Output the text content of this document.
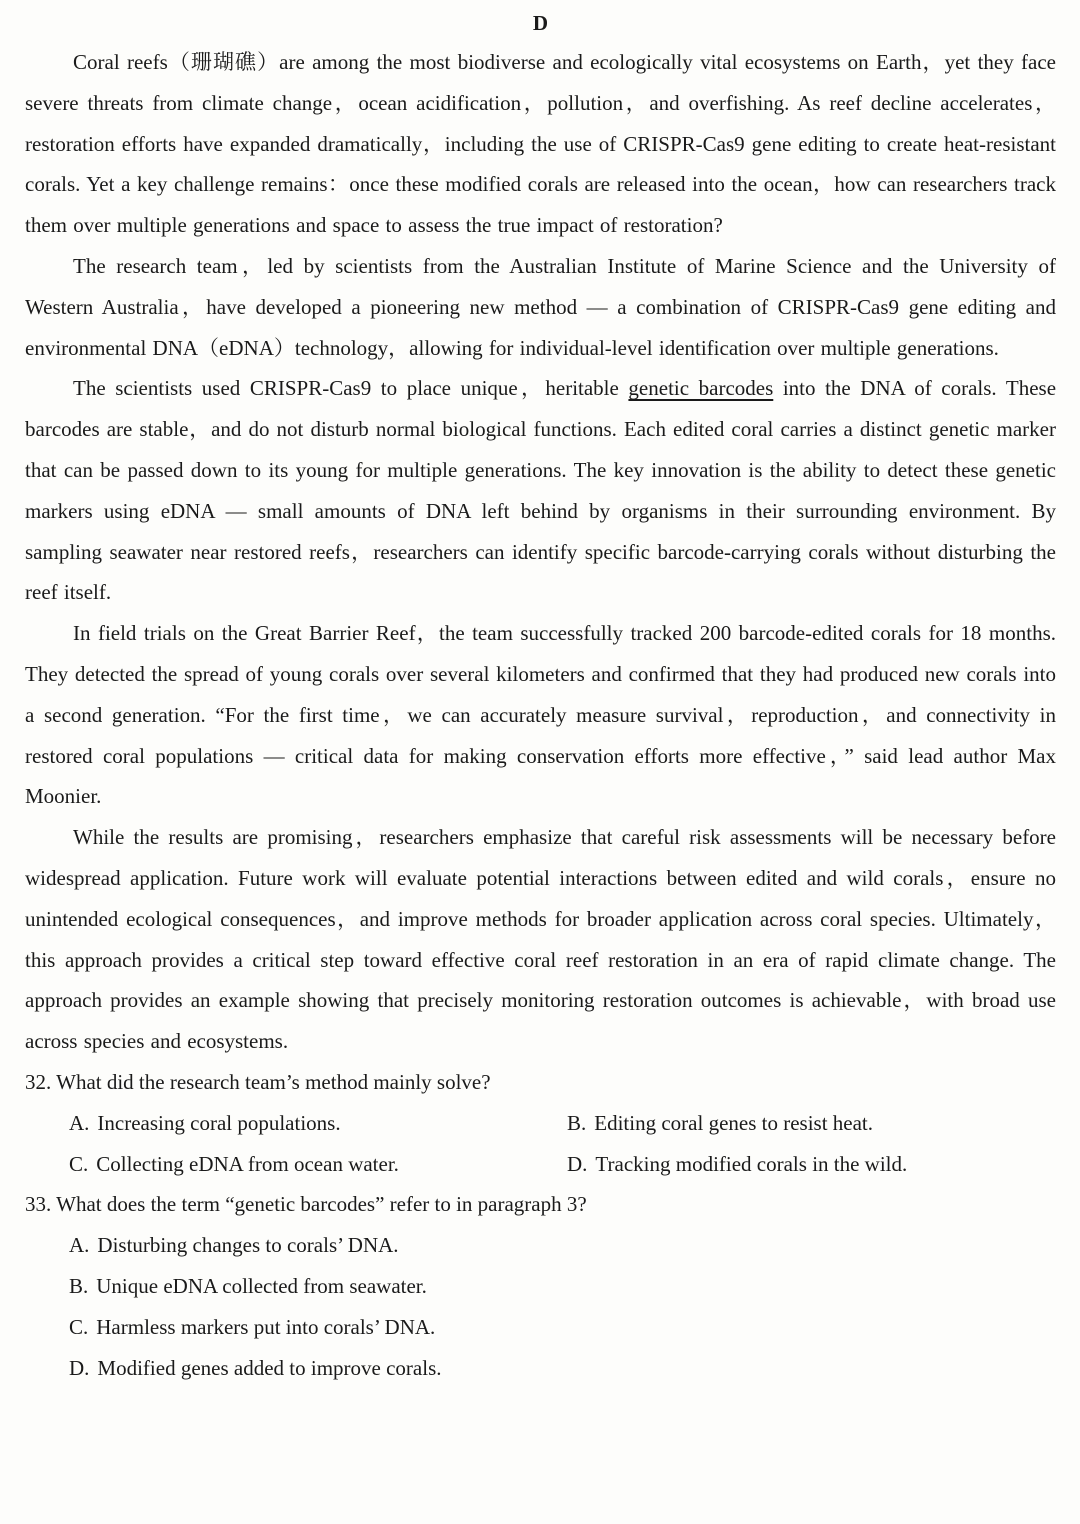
D

Coral reefs（珊瑚礁）are among the most biodiverse and ecologically vital ecosystems on Earth，yet they face severe threats from climate change，ocean acidification，pollution，and overfishing. As reef decline accelerates，restoration efforts have expanded dramatically，including the use of CRISPR-Cas9 gene editing to create heat-resistant corals. Yet a key challenge remains：once these modified corals are released into the ocean，how can researchers track them over multiple generations and space to assess the true impact of restoration?

The research team，led by scientists from the Australian Institute of Marine Science and the University of Western Australia，have developed a pioneering new method — a combination of CRISPR-Cas9 gene editing and environmental DNA（eDNA）technology，allowing for individual-level identification over multiple generations.

The scientists used CRISPR-Cas9 to place unique，heritable genetic barcodes into the DNA of corals. These barcodes are stable，and do not disturb normal biological functions. Each edited coral carries a distinct genetic marker that can be passed down to its young for multiple generations. The key innovation is the ability to detect these genetic markers using eDNA — small amounts of DNA left behind by organisms in their surrounding environment. By sampling seawater near restored reefs，researchers can identify specific barcode-carrying corals without disturbing the reef itself.

In field trials on the Great Barrier Reef，the team successfully tracked 200 barcode-edited corals for 18 months. They detected the spread of young corals over several kilometers and confirmed that they had produced new corals into a second generation. “For the first time，we can accurately measure survival，reproduction，and connectivity in restored coral populations — critical data for making conservation efforts more effective，” said lead author Max Moonier.

While the results are promising，researchers emphasize that careful risk assessments will be necessary before widespread application. Future work will evaluate potential interactions between edited and wild corals，ensure no unintended ecological consequences，and improve methods for broader application across coral species. Ultimately，this approach provides a critical step toward effective coral reef restoration in an era of rapid climate change. The approach provides an example showing that precisely monitoring restoration outcomes is achievable，with broad use across species and ecosystems.

32. What did the research team’s method mainly solve?

A. Increasing coral populations.	B. Editing coral genes to resist heat.
C. Collecting eDNA from ocean water.	D. Tracking modified corals in the wild.

33. What does the term “genetic barcodes” refer to in paragraph 3?

A. Disturbing changes to corals’ DNA.
B. Unique eDNA collected from seawater.
C. Harmless markers put into corals’ DNA.
D. Modified genes added to improve corals.
